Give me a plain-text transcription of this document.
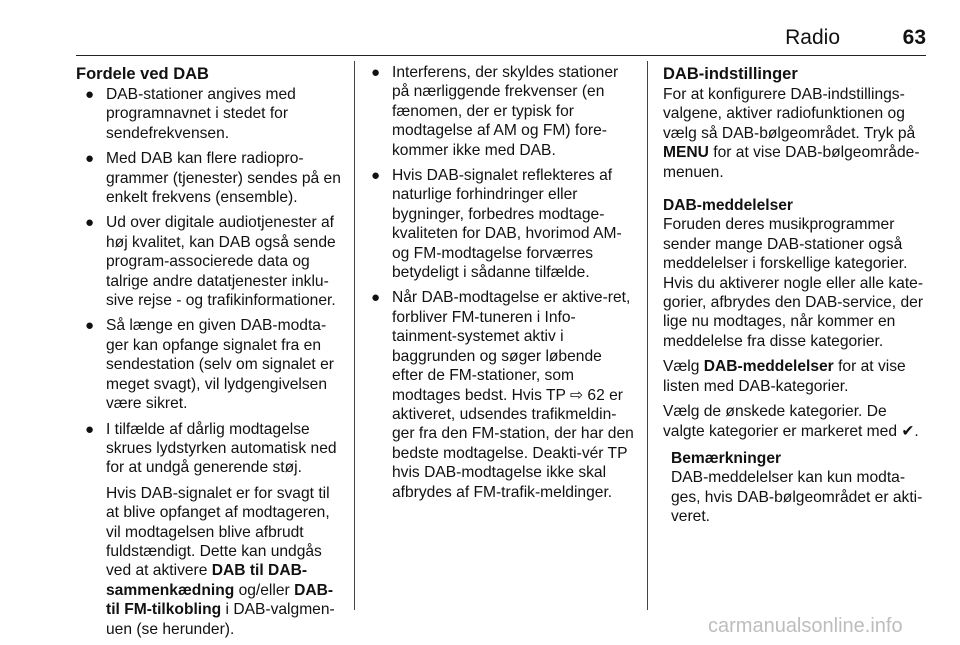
Radio	63

Fordele ved DAB

● DAB-stationer angives med programnavnet i stedet for sendefrekvensen.

● Med DAB kan flere radiopro-grammer (tjenester) sendes på en enkelt frekvens (ensemble).

● Ud over digitale audiotjenester af høj kvalitet, kan DAB også sende program-associerede data og talrige andre datatjenester inklu-sive rejse - og trafikinformationer.

● Så længe en given DAB-modta-ger kan opfange signalet fra en sendestation (selv om signalet er meget svagt), vil lydgengivelsen være sikret.

● I tilfælde af dårlig modtagelse skrues lydstyrken automatisk ned for at undgå generende støj.

Hvis DAB-signalet er for svagt til at blive opfanget af modtageren, vil modtagelsen blive afbrudt fuldstændigt. Dette kan undgås ved at aktivere DAB til DAB-sammenkædning og/eller DAB-til FM-tilkobling i DAB-valgmen-uen (se herunder).

● Interferens, der skyldes stationer på nærliggende frekvenser (en fænomen, der er typisk for modtagelse af AM og FM) fore-kommer ikke med DAB.

● Hvis DAB-signalet reflekteres af naturlige forhindringer eller bygninger, forbedres modtage-kvaliteten for DAB, hvorimod AM- og FM-modtagelse forværres betydeligt i sådanne tilfælde.

● Når DAB-modtagelse er aktive-ret, forbliver FM-tuneren i Info-tainment-systemet aktiv i baggrunden og søger løbende efter de FM-stationer, som modtages bedst. Hvis TP ⇨ 62 er aktiveret, udsendes trafikmeldin-ger fra den FM-station, der har den bedste modtagelse. Deakti-vér TP hvis DAB-modtagelse ikke skal afbrydes af FM-trafik-meldinger.

DAB-indstillinger

For at konfigurere DAB-indstillings-valgene, aktiver radiofunktionen og vælg så DAB-bølgeområdet. Tryk på MENU for at vise DAB-bølgeområde-menuen.

DAB-meddelelser

Foruden deres musikprogrammer sender mange DAB-stationer også meddelelser i forskellige kategorier. Hvis du aktiverer nogle eller alle kate-gorier, afbrydes den DAB-service, der lige nu modtages, når kommer en meddelelse fra disse kategorier.

Vælg DAB-meddelelser for at vise listen med DAB-kategorier.

Vælg de ønskede kategorier. De valgte kategorier er markeret med ✔.

Bemærkninger

DAB-meddelelser kan kun modta-ges, hvis DAB-bølgeområdet er akti-veret.

carmanualsonline.info
